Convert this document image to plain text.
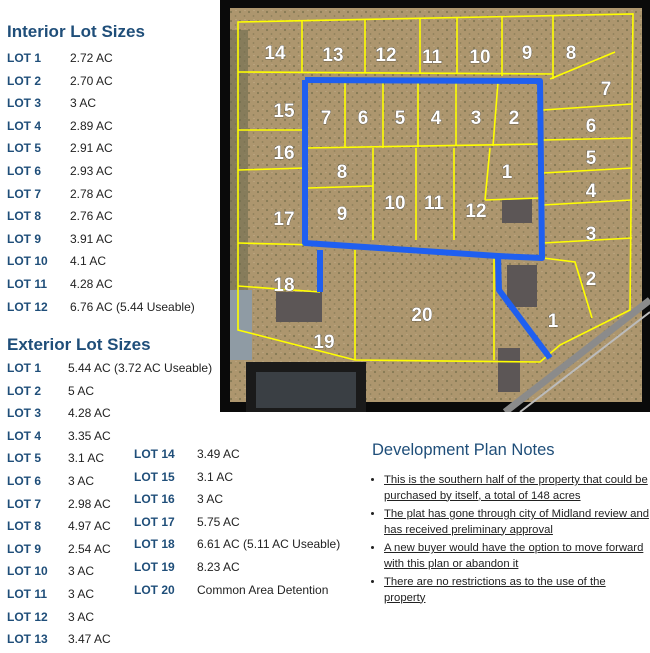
Interior Lot Sizes
LOT 1 2.72 AC
LOT 2 2.70 AC
LOT 3 3 AC
LOT 4 2.89 AC
LOT 5 2.91 AC
LOT 6 2.93 AC
LOT 7 2.78 AC
LOT 8 2.76 AC
LOT 9 3.91 AC
LOT 10 4.1 AC
LOT 11 4.28 AC
LOT 12 6.76 AC (5.44 Useable)
Exterior Lot Sizes
LOT 1 5.44 AC (3.72 AC Useable)
LOT 2 5 AC
LOT 3 4.28 AC
LOT 4 3.35 AC
LOT 5 3.1 AC
LOT 6 3 AC
LOT 7 2.98 AC
LOT 8 4.97 AC
LOT 9 2.54 AC
LOT 10 3 AC
LOT 11 3 AC
LOT 12 3 AC
LOT 13 3.47 AC
LOT 14 3.49 AC
LOT 15 3.1 AC
LOT 16 3 AC
LOT 17 5.75 AC
LOT 18 6.61 AC (5.11 AC Useable)
LOT 19 8.23 AC
LOT 20 Common Area Detention
1
2
3
4
5
6
7
8
9
10 11 12
1
2
3
4
5
6
7
8
9
10
11
12
13
14
15
16
17
18
19
20
Development Plan Notes
• This is the southern half of the property that could be purchased by itself, a total of 148 acres
• The plat has gone through city of Midland review and has received preliminary approval
• A new buyer would have the option to move forward with this plan or abandon it
• There are no restrictions as to the use of the property
